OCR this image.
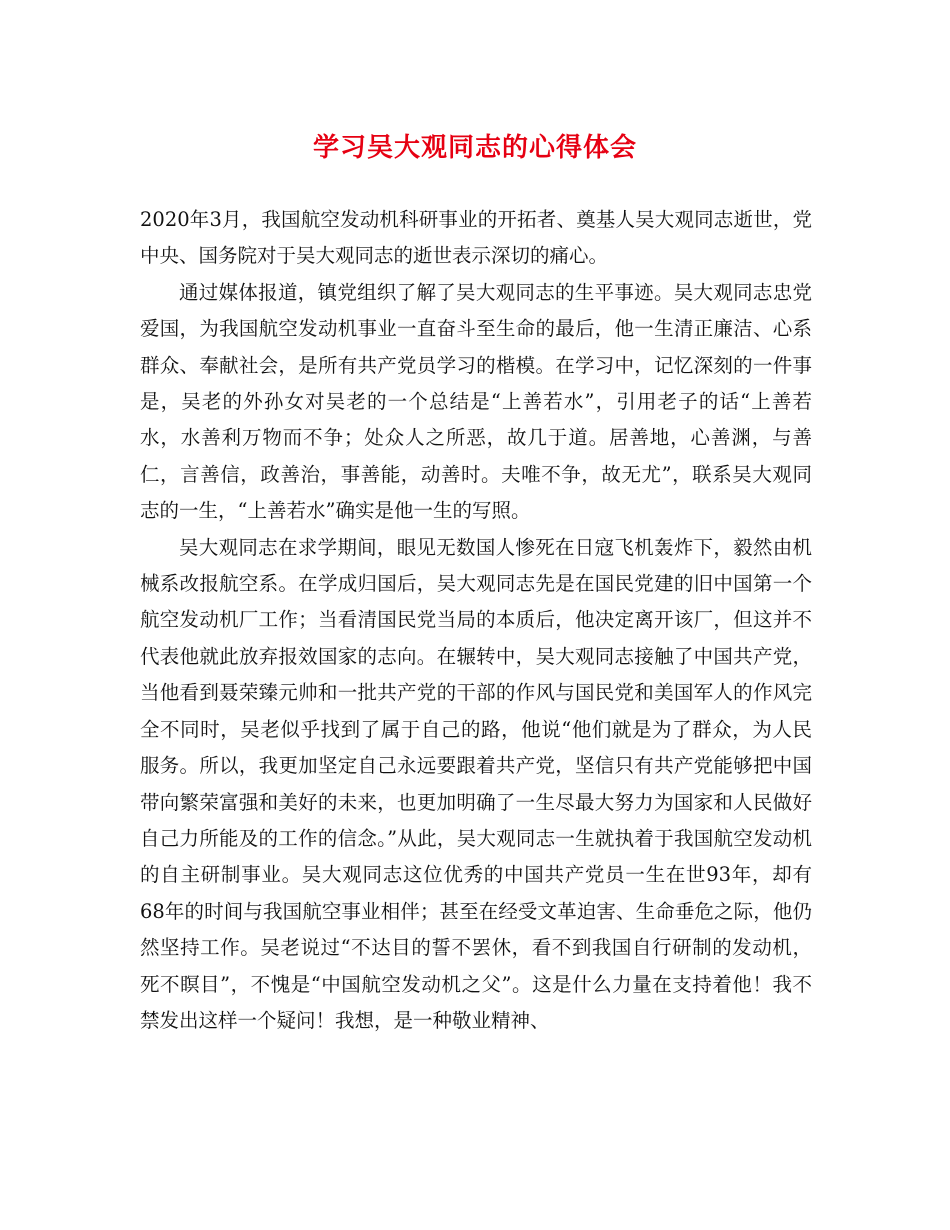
学习吴大观同志的心得体会

2020年3月，我国航空发动机科研事业的开拓者、奠基人吴大观同志逝世，党中央、国务院对于吴大观同志的逝世表示深切的痛心。

通过媒体报道，镇党组织了解了吴大观同志的生平事迹。吴大观同志忠党爱国，为我国航空发动机事业一直奋斗至生命的最后，他一生清正廉洁、心系群众、奉献社会，是所有共产党员学习的楷模。在学习中，记忆深刻的一件事是，吴老的外孙女对吴老的一个总结是“上善若水”，引用老子的话“上善若水，水善利万物而不争；处众人之所恶，故几于道。居善地，心善渊，与善仁，言善信，政善治，事善能，动善时。夫唯不争，故无尤”，联系吴大观同志的一生，“上善若水”确实是他一生的写照。

吴大观同志在求学期间，眼见无数国人惨死在日寇飞机轰炸下，毅然由机械系改报航空系。在学成归国后，吴大观同志先是在国民党建的旧中国第一个航空发动机厂工作；当看清国民党当局的本质后，他决定离开该厂，但这并不代表他就此放弃报效国家的志向。在辗转中，吴大观同志接触了中国共产党，当他看到聂荣臻元帅和一批共产党的干部的作风与国民党和美国军人的作风完全不同时，吴老似乎找到了属于自己的路，他说“他们就是为了群众，为人民服务。所以，我更加坚定自己永远要跟着共产党，坚信只有共产党能够把中国带向繁荣富强和美好的未来，也更加明确了一生尽最大努力为国家和人民做好自己力所能及的工作的信念。”从此，吴大观同志一生就执着于我国航空发动机的自主研制事业。吴大观同志这位优秀的中国共产党员一生在世93年，却有68年的时间与我国航空事业相伴；甚至在经受文革迫害、生命垂危之际，他仍然坚持工作。吴老说过“不达目的誓不罢休，看不到我国自行研制的发动机，死不瞑目”，不愧是“中国航空发动机之父”。这是什么力量在支持着他！我不禁发出这样一个疑问！我想，是一种敬业精神、
